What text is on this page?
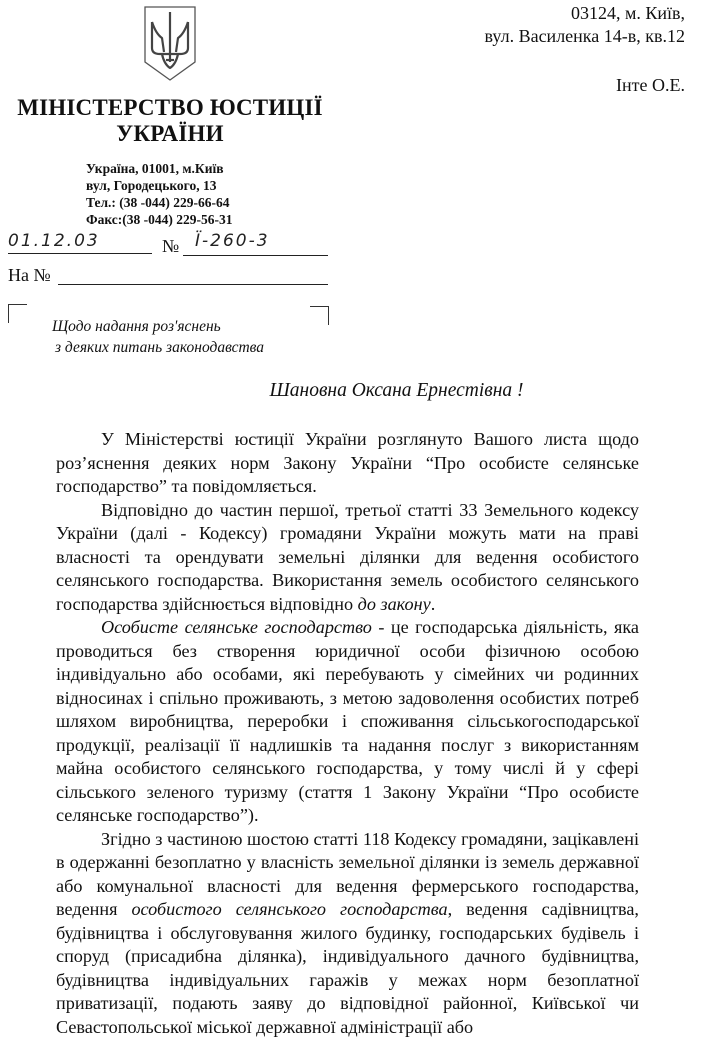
МІНІСТЕРСТВО ЮСТИЦІЇ
УКРАЇНИ
Україна, 01001, м.Київ
вул, Городецького, 13
Тел.: (38 -044) 229-66-64
Факс:(38 -044) 229-56-31
03124, м. Київ,
вул. Василенка 14-в, кв.12
Інте О.Е.
01.12.03	№ Ї-260-3
На №
Щодо надання роз'яснень
з деяких питань законодавства
Шановна Оксана Ернестівна !

У Міністерстві юстиції України розглянуто Вашого листа щодо роз’яснення деяких норм Закону України “Про особисте селянське господарство” та повідомляється.

Відповідно до частин першої, третьої статті 33 Земельного кодексу України (далі - Кодексу) громадяни України можуть мати на праві власності та орендувати земельні ділянки для ведення особистого селянського господарства. Використання земель особистого селянського господарства здійснюється відповідно до закону.

Особисте селянське господарство - це господарська діяльність, яка проводиться без створення юридичної особи фізичною особою індивідуально або особами, які перебувають у сімейних чи родинних відносинах і спільно проживають, з метою задоволення особистих потреб шляхом виробництва, переробки і споживання сільськогосподарської продукції, реалізації її надлишків та надання послуг з використанням майна особистого селянського господарства, у тому числі й у сфері сільського зеленого туризму (стаття 1 Закону України “Про особисте селянське господарство”).

Згідно з частиною шостою статті 118 Кодексу громадяни, зацікавлені в одержанні безоплатно у власність земельної ділянки із земель державної або комунальної власності для ведення фермерського господарства, ведення особистого селянського господарства, ведення садівництва, будівництва і обслуговування жилого будинку, господарських будівель і споруд (присадибна ділянка), індивідуального дачного будівництва, будівництва індивідуальних гаражів у межах норм безоплатної приватизації, подають заяву до відповідної районної, Київської чи Севастопольської міської державної адміністрації або
